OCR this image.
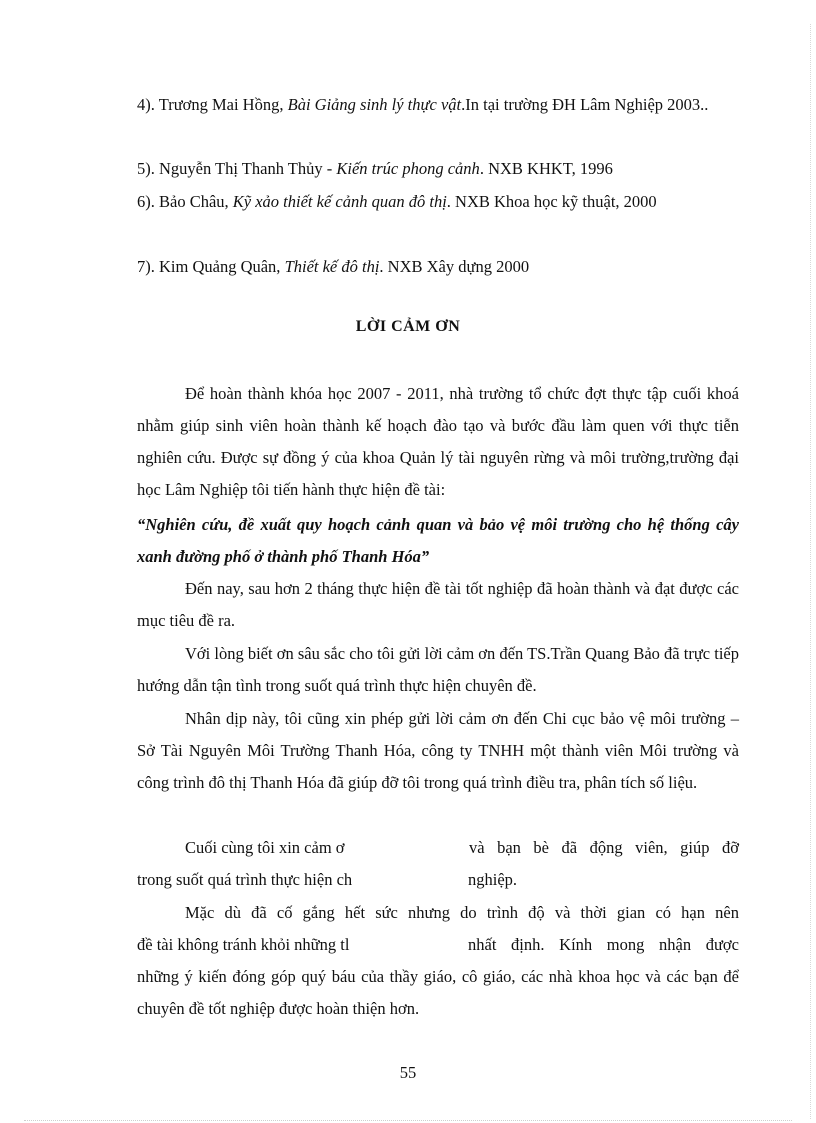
4). Trương Mai Hồng, Bài Giảng sinh lý thực vật.In tại trường ĐH Lâm Nghiệp 2003..
5). Nguyễn Thị Thanh Thủy - Kiến trúc phong cảnh. NXB KHKT, 1996
6). Bảo Châu, Kỹ xảo thiết kế cảnh quan đô thị. NXB Khoa học kỹ thuật, 2000
7). Kim Quảng Quân, Thiết kế đô thị. NXB Xây dựng 2000
LỜI CẢM ƠN
Để hoàn thành khóa học 2007 - 2011, nhà trường tổ chức đợt thực tập cuối khoá nhằm giúp sinh viên hoàn thành kế hoạch đào tạo và bước đầu làm quen với thực tiễn nghiên cứu. Được sự đồng ý của khoa Quản lý tài nguyên rừng và môi trường,trường đại học Lâm Nghiệp tôi tiến hành thực hiện đề tài:
“Nghiên cứu, đề xuất quy hoạch cảnh quan và bảo vệ môi trường cho hệ thống cây xanh đường phố ở thành phố Thanh Hóa”
Đến nay, sau hơn 2 tháng thực hiện đề tài tốt nghiệp đã hoàn thành và đạt được các mục tiêu đề ra.
Với lòng biết ơn sâu sắc cho tôi gửi lời cảm ơn đến TS.Trần Quang Bảo đã trực tiếp hướng dẫn tận tình trong suốt quá trình thực hiện chuyên đề.
Nhân dịp này, tôi cũng xin phép gửi lời cảm ơn đến Chi cục bảo vệ môi trường – Sở Tài Nguyên Môi Trường Thanh Hóa, công ty TNHH một thành viên Môi trường và công trình đô thị Thanh Hóa đã giúp đỡ tôi trong quá trình điều tra, phân tích số liệu.
Cuối cùng tôi xin cảm ơ	và bạn bè đã động viên, giúp đỡ
trong suốt quá trình thực hiện ch	nghiệp.
Mặc dù đã cố gắng hết sức nhưng do trình độ và thời gian có hạn nên
đề tài không tránh khỏi những tl	nhất định. Kính mong nhận được
những ý kiến đóng góp quý báu của thầy giáo, cô giáo, các nhà khoa học và các bạn để chuyên đề tốt nghiệp được hoàn thiện hơn.
55
